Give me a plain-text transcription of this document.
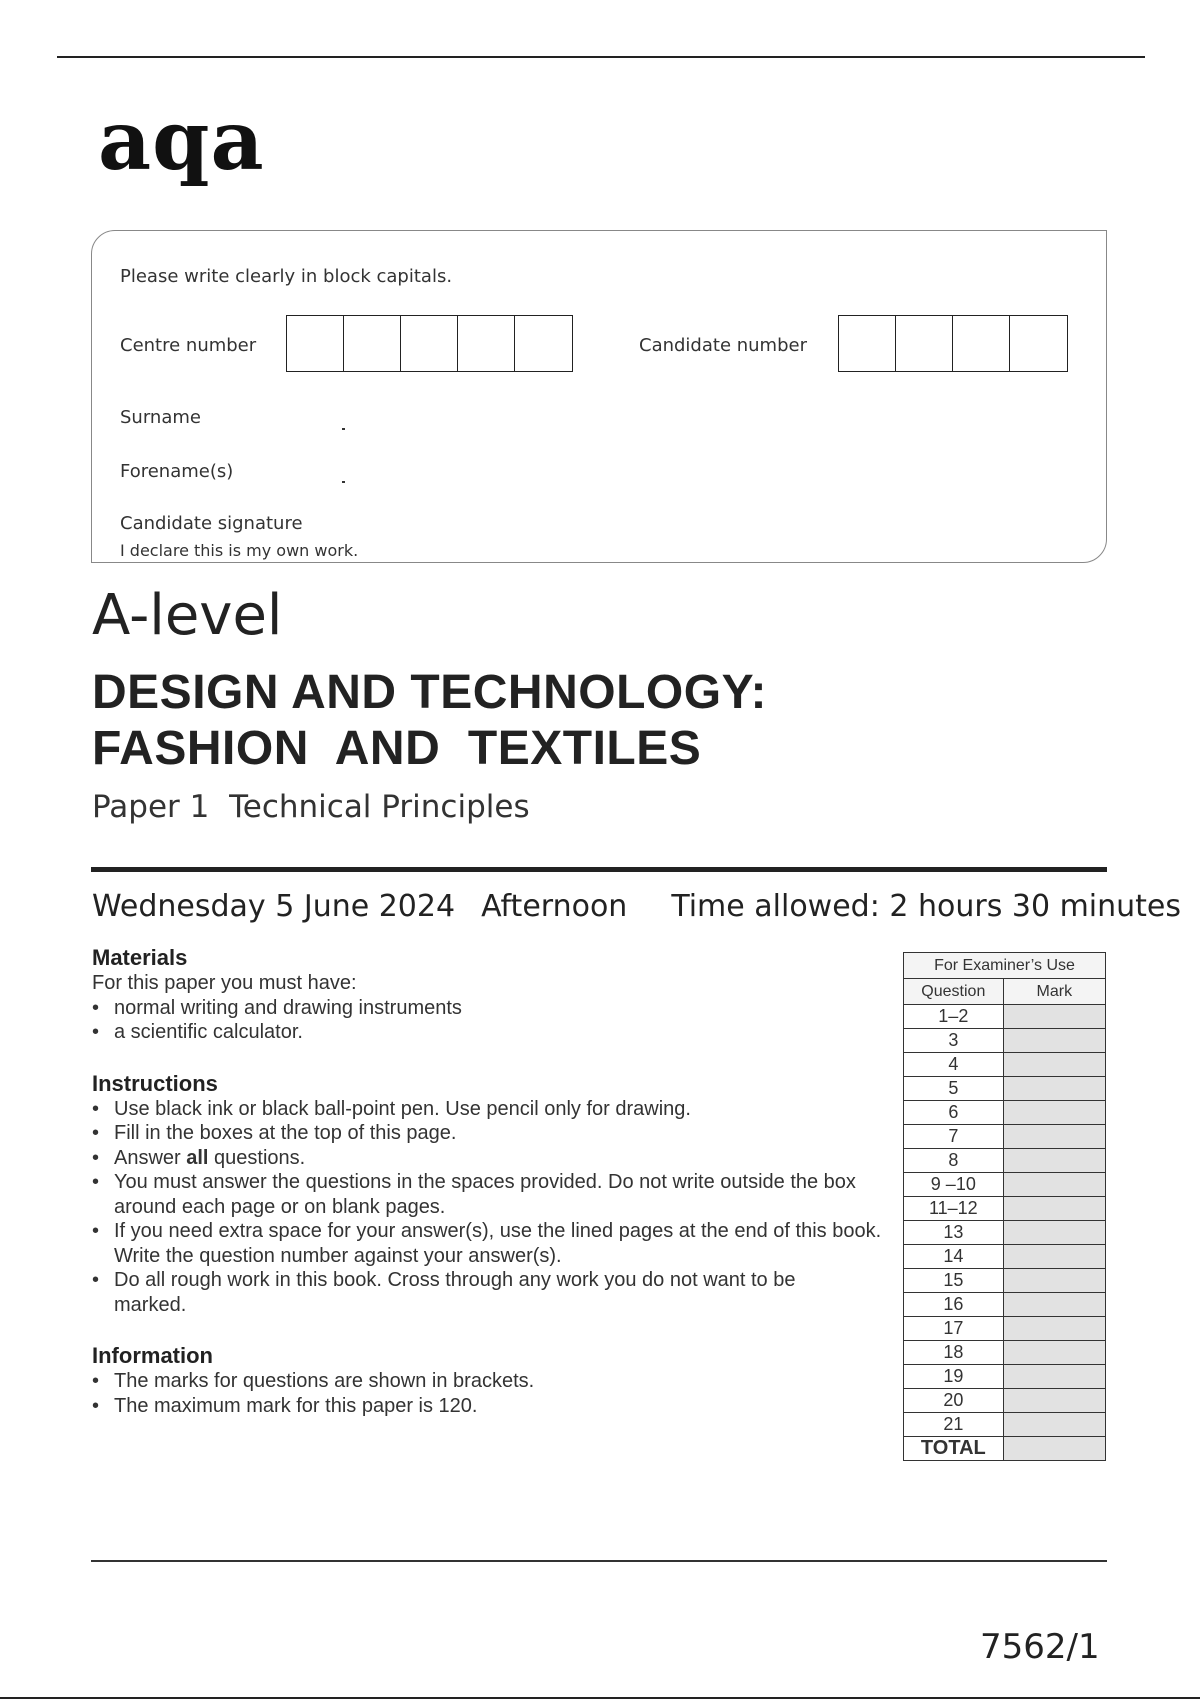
aqa
Please write clearly in block capitals.
Centre number	Candidate number
Surname
Forename(s)
Candidate signature
I declare this is my own work.
A-level
DESIGN AND TECHNOLOGY:
FASHION  AND  TEXTILES
Paper 1  Technical Principles
Wednesday 5 June 2024 Afternoon Time allowed: 2 hours 30 minutes
Materials

For this paper you must have:

• normal writing and drawing instruments
• a scientific calculator.
Instructions
• Use black ink or black ball-point pen. Use pencil only for drawing.
• Fill in the boxes at the top of this page.
• Answer all questions.
• You must answer the questions in the spaces provided. Do not write outside the box around each page or on blank pages.
• If you need extra space for your answer(s), use the lined pages at the end of this book. Write the question number against your answer(s).
• Do all rough work in this book. Cross through any work you do not want to be marked.
Information
• The marks for questions are shown in brackets.
• The maximum mark for this paper is 120.
For Examiner’s Use	
Question	Mark
1–2	
3	
4	
5	
6	
7	
8	
9 –10	
11–12	
13	
14	
15	
16	
17	
18	
19	
20	
21	
TOTAL	
7562/1
